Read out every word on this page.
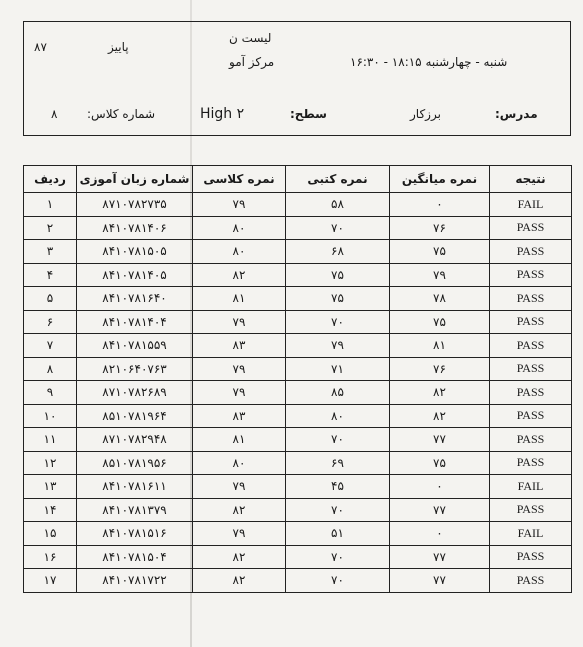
۸۷	پاییز
لیست ن
مرکز آمو	شنبه - چهارشنبه ۱۸:۱۵ - ۱۶:۳۰
۸ شماره کلاس:	High ۲	سطح:	برزکار	مدرس:
ردیف	شماره زبان آموزی	نمره کلاسی	نمره کتبی	نمره میانگین	نتیجه
۱	۸۷۱۰۷۸۲۷۳۵	۷۹	۵۸	۰	FAIL
۲	۸۴۱۰۷۸۱۴۰۶	۸۰	۷۰	۷۶	PASS
۳	۸۴۱۰۷۸۱۵۰۵	۸۰	۶۸	۷۵	PASS
۴	۸۴۱۰۷۸۱۴۰۵	۸۲	۷۵	۷۹	PASS
۵	۸۴۱۰۷۸۱۶۴۰	۸۱	۷۵	۷۸	PASS
۶	۸۴۱۰۷۸۱۴۰۴	۷۹	۷۰	۷۵	PASS
۷	۸۴۱۰۷۸۱۵۵۹	۸۳	۷۹	۸۱	PASS
۸	۸۲۱۰۶۴۰۷۶۳	۷۹	۷۱	۷۶	PASS
۹	۸۷۱۰۷۸۲۶۸۹	۷۹	۸۵	۸۲	PASS
۱۰	۸۵۱۰۷۸۱۹۶۴	۸۳	۸۰	۸۲	PASS
۱۱	۸۷۱۰۷۸۲۹۴۸	۸۱	۷۰	۷۷	PASS
۱۲	۸۵۱۰۷۸۱۹۵۶	۸۰	۶۹	۷۵	PASS
۱۳	۸۴۱۰۷۸۱۶۱۱	۷۹	۴۵	۰	FAIL
۱۴	۸۴۱۰۷۸۱۳۷۹	۸۲	۷۰	۷۷	PASS
۱۵	۸۴۱۰۷۸۱۵۱۶	۷۹	۵۱	۰	FAIL
۱۶	۸۴۱۰۷۸۱۵۰۴	۸۲	۷۰	۷۷	PASS
۱۷	۸۴۱۰۷۸۱۷۲۲	۸۲	۷۰	۷۷	PASS
